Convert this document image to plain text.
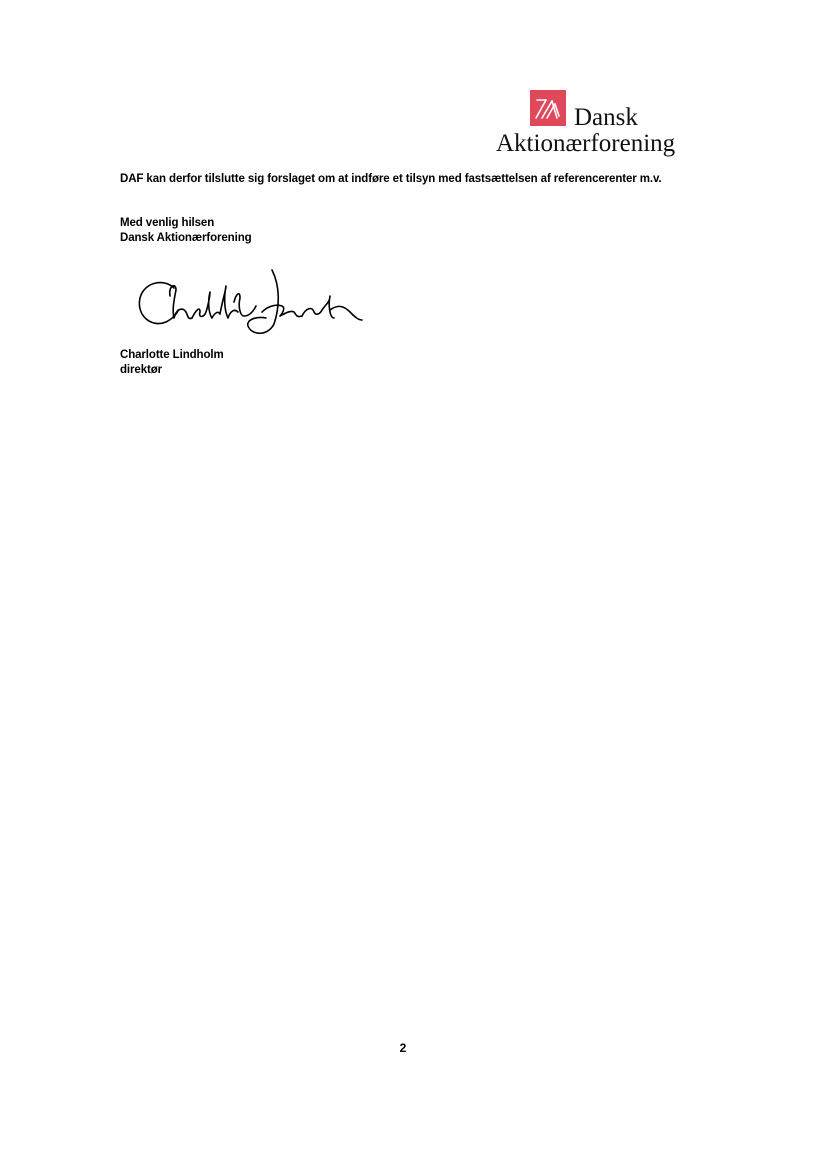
Dansk
Aktionærforening
DAF kan derfor tilslutte sig forslaget om at indføre et tilsyn med fastsættelsen af referencerenter m.v.
Med venlig hilsen
Dansk Aktionærforening
Charlotte Lindholm
direktør
2
